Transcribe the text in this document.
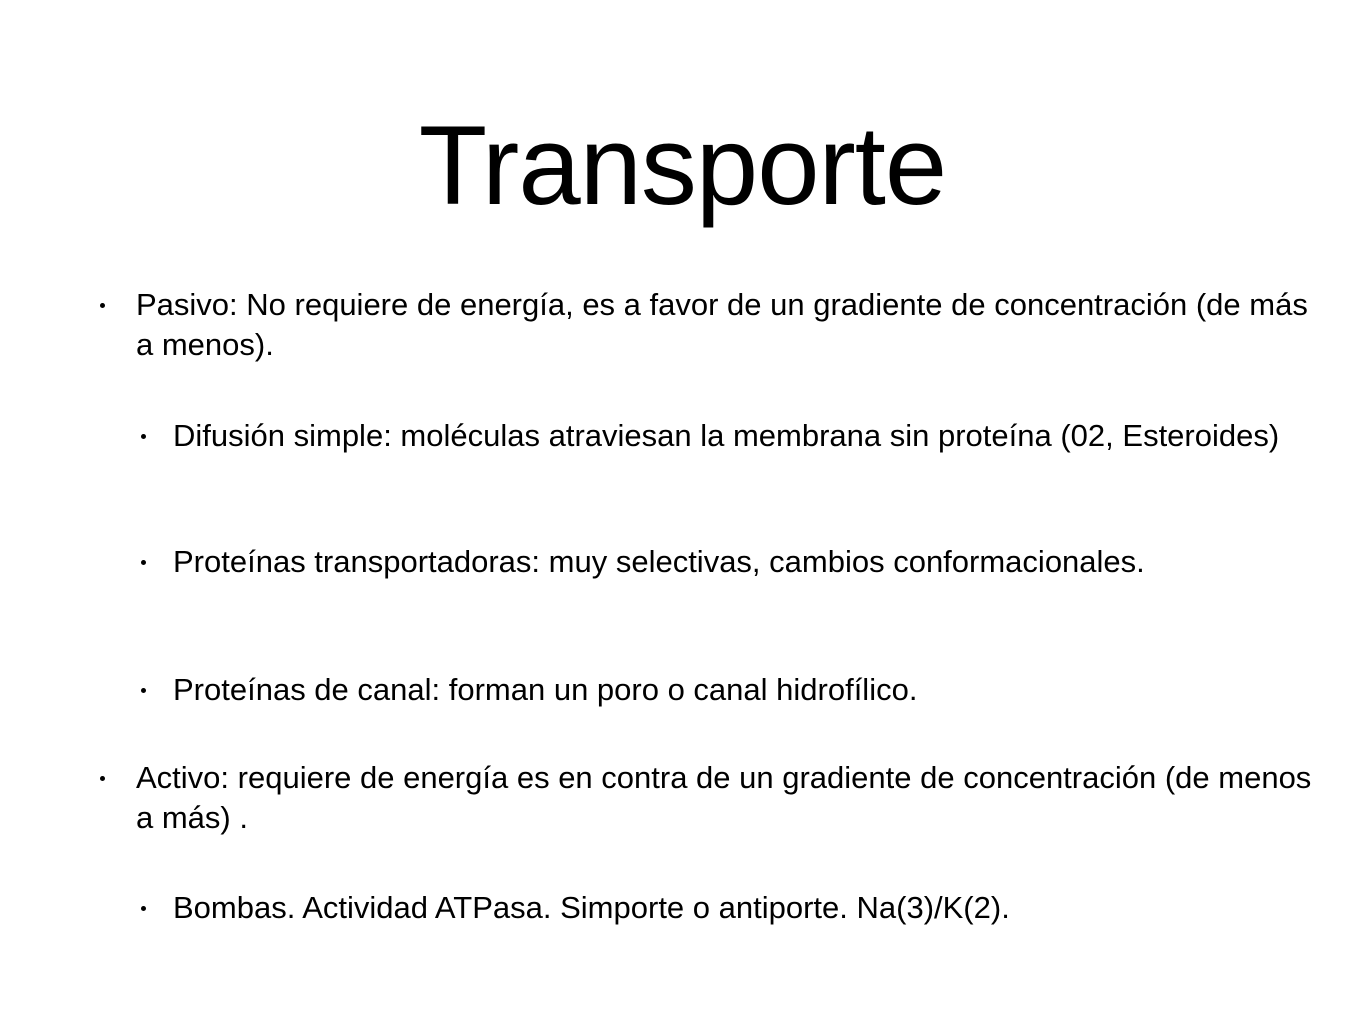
Transporte
Pasivo: No requiere de energía, es a favor de un gradiente de concentración (de más a menos).
Difusión simple: moléculas atraviesan la membrana sin proteína (02, Esteroides)
Proteínas transportadoras: muy selectivas, cambios conformacionales.
Proteínas de canal: forman un poro o canal hidrofílico.
Activo: requiere de energía es en contra de un gradiente de concentración (de menos a más) .
Bombas. Actividad ATPasa. Simporte o antiporte. Na(3)/K(2).
